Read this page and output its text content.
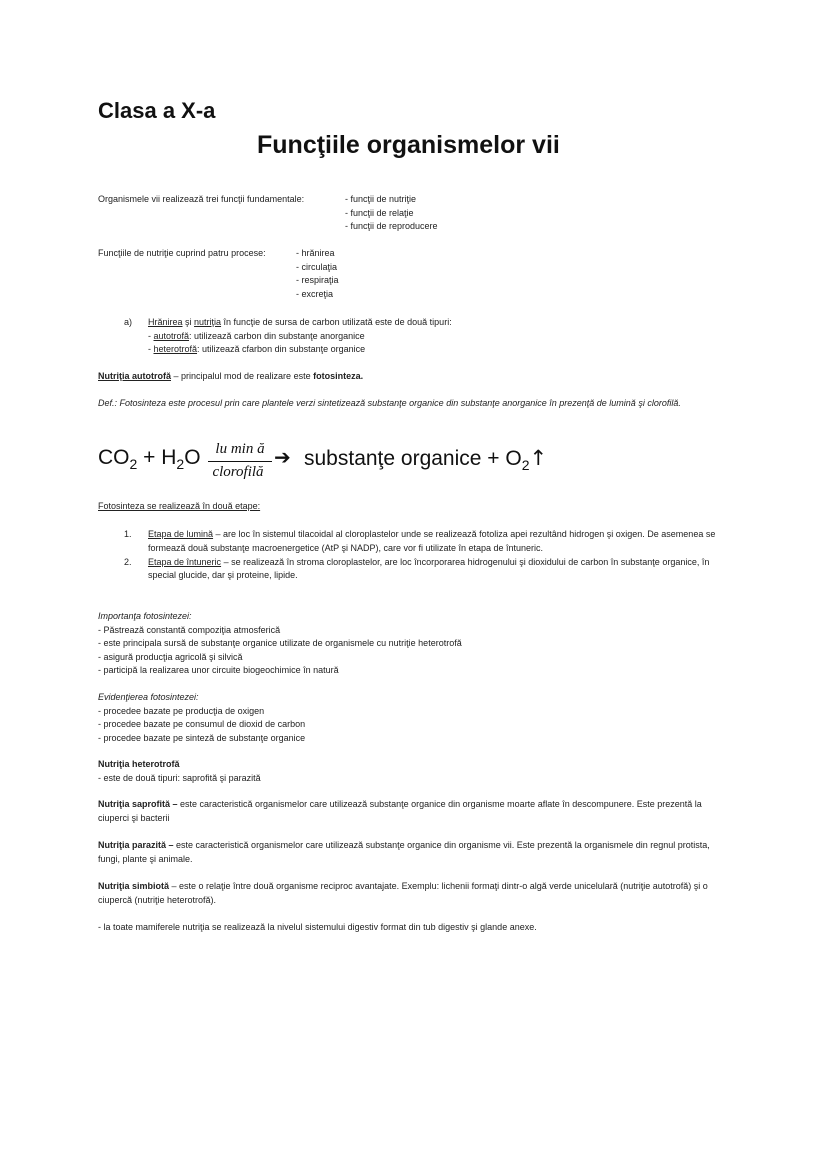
Clasa a X-a
Funcţiile organismelor vii
Organismele vii realizează trei funcţii fundamentale:	- funcţii de nutriţie
- funcţii de relaţie
- funcţii de reproducere
Funcţiile de nutriţie cuprind patru procese:	- hrănirea
- circulaţia
- respiraţia
- excreţia
a) Hrănirea şi nutriţia în funcţie de sursa de carbon utilizată este de două tipuri:
- autotrofă: utilizează carbon din substanţe anorganice
- heterotrofă: utilizează cfarbon din substanţe organice
Nutriţia autotrofă – principalul mod de realizare este fotosinteza.
Def.: Fotosinteza este procesul prin care plantele verzi sintetizează substanţe organice din substanţe anorganice în prezenţă de lumină şi clorofilă.
$CO_2 + H_2O$ lu min ă
clorofilă
➔ substanţe organice + $O_2↑$
Fotosinteza se realizează în două etape:
1. Etapa de lumină – are loc în sistemul tilacoidal al cloroplastelor unde se realizează fotoliza apei rezultând hidrogen şi oxigen. De asemenea se formează două substanţe macroenergetice (AtP şi NADP), care vor fi utilizate în etapa de întuneric.
2. Etapa de întuneric – se realizează în stroma cloroplastelor, are loc încorporarea hidrogenului şi dioxidului de carbon în substanţe organice, în special glucide, dar şi proteine, lipide.
Importanţa fotosintezei:
- Păstrează constantă compoziţia atmosferică
- este principala sursă de substanţe organice utilizate de organismele cu nutriţie heterotrofă
- asigură producţia agricolă şi silvică
- participă la realizarea unor circuite biogeochimice în natură
Evidenţierea fotosintezei:
- procedee bazate pe producţia de oxigen
- procedee bazate pe consumul de dioxid de carbon
- procedee bazate pe sinteză de substanţe organice
Nutriţia heterotrofă
- este de două tipuri: saprofită şi parazită
Nutriţia saprofită – este caracteristică organismelor care utilizează substanţe organice din organisme moarte aflate în descompunere. Este prezentă la ciuperci şi bacterii
Nutriţia parazită – este caracteristică organismelor care utilizează substanţe organice din organisme vii. Este prezentă la organismele din regnul protista, fungi, plante şi animale.
Nutriţia simbiotă – este o relaţie între două organisme reciproc avantajate. Exemplu: lichenii formaţi dintr-o algă verde unicelulară (nutriţie autotrofă) şi o ciupercă (nutriţie heterotrofă).
- la toate mamiferele nutriţia se realizează la nivelul sistemului digestiv format din tub digestiv şi glande anexe.
